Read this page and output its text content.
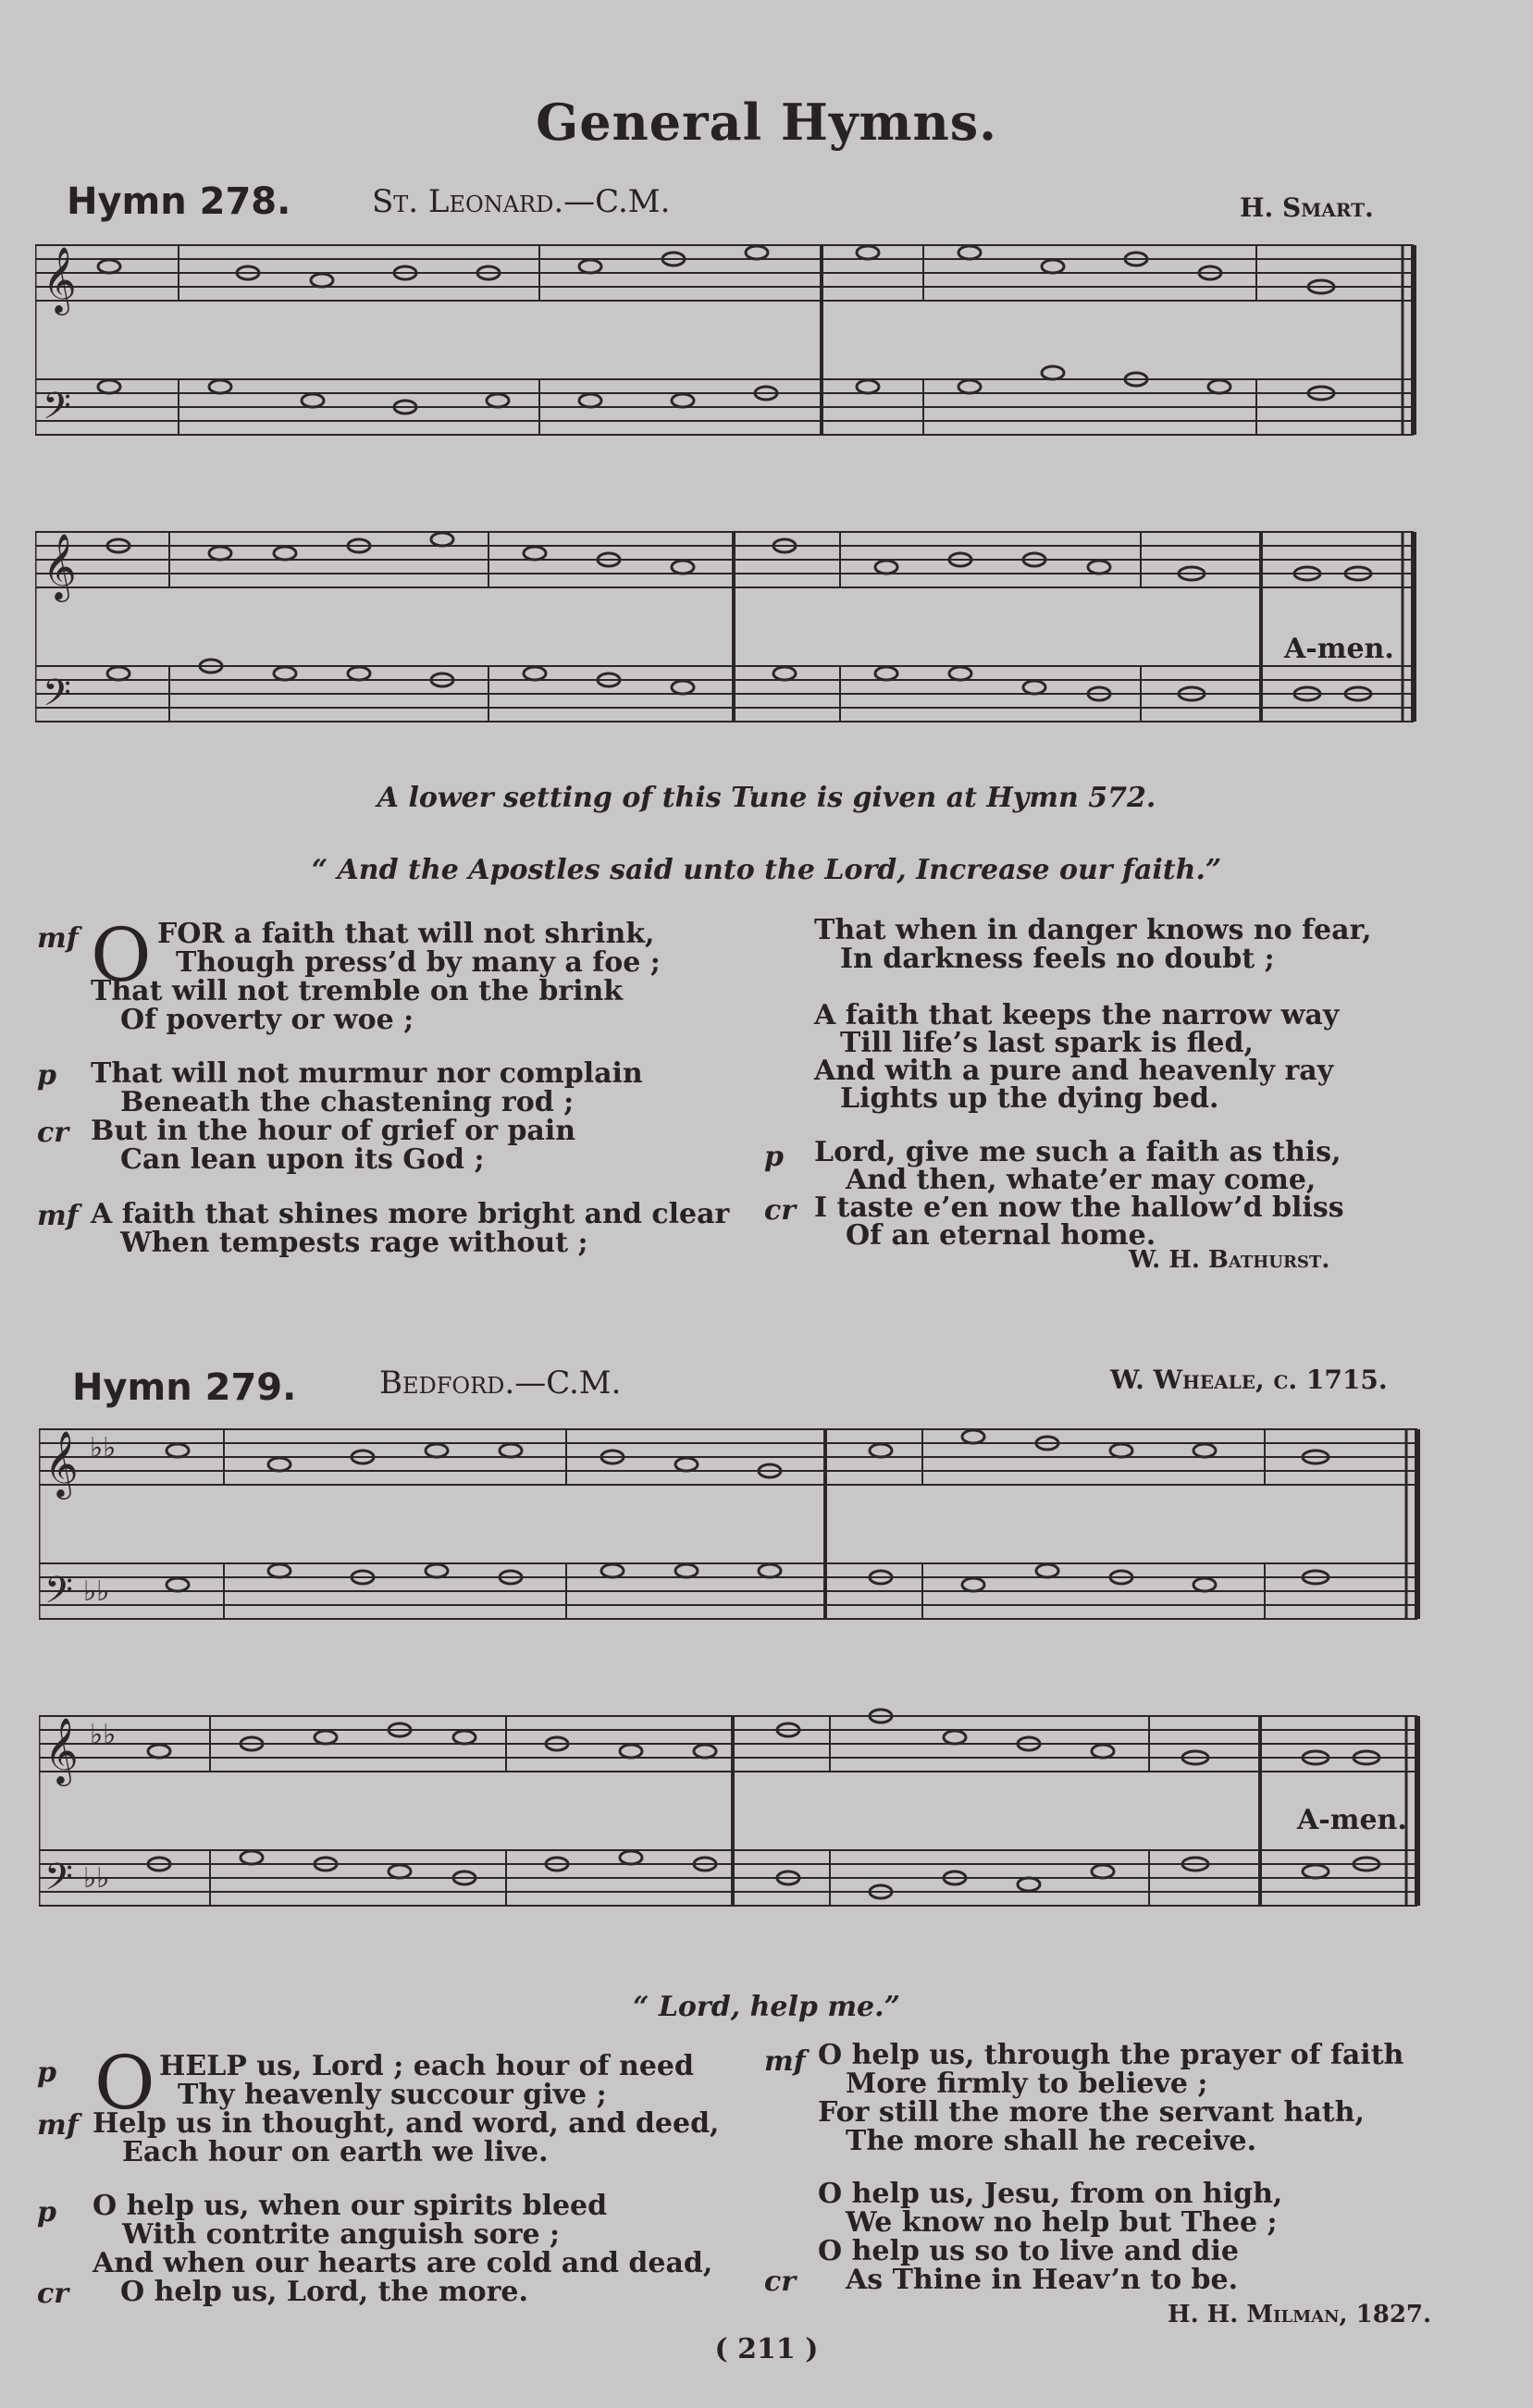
General Hymns.
Hymn 278.	St. Leonard.—C.M.	H. Smart.
𝄞
𝄢
𝄞
𝄢
A-men.
A lower setting of this Tune is given at Hymn 572.
“ And the Apostles said unto the Lord, Increase our faith.”
O
mf	FOR a faith that will not shrink,
Though press’d by many a foe ;
That will not tremble on the brink
Of poverty or woe ;
p That will not murmur nor complain
Beneath the chastening rod ;
cr But in the hour of grief or pain
Can lean upon its God ;
mf A faith that shines more bright and clear
When tempests rage without ;
That when in danger knows no fear,
In darkness feels no doubt ;
A faith that keeps the narrow way
Till life’s last spark is fled,
And with a pure and heavenly ray
Lights up the dying bed.
p Lord, give me such a faith as this,
And then, whate’er may come,
cr I taste e’en now the hallow’d bliss
Of an eternal home.
W. H. Bathurst.
Hymn 279.	Bedford.—C.M.	W. Wheale, c. 1715.
𝄞 ♭♭
𝄢 ♭♭
𝄞 ♭♭
𝄢 ♭♭
A-men.
“ Lord, help me.”
O
p	HELP us, Lord ; each hour of need
Thy heavenly succour give ;
mf Help us in thought, and word, and deed,
Each hour on earth we live.
p O help us, when our spirits bleed
With contrite anguish sore ;
And when our hearts are cold and dead,
cr O help us, Lord, the more.
mf O help us, through the prayer of faith
More firmly to believe ;
For still the more the servant hath,
The more shall he receive.
O help us, Jesu, from on high,
We know no help but Thee ;
O help us so to live and die
cr As Thine in Heav’n to be.
H. H. Milman, 1827.
( 211 )
